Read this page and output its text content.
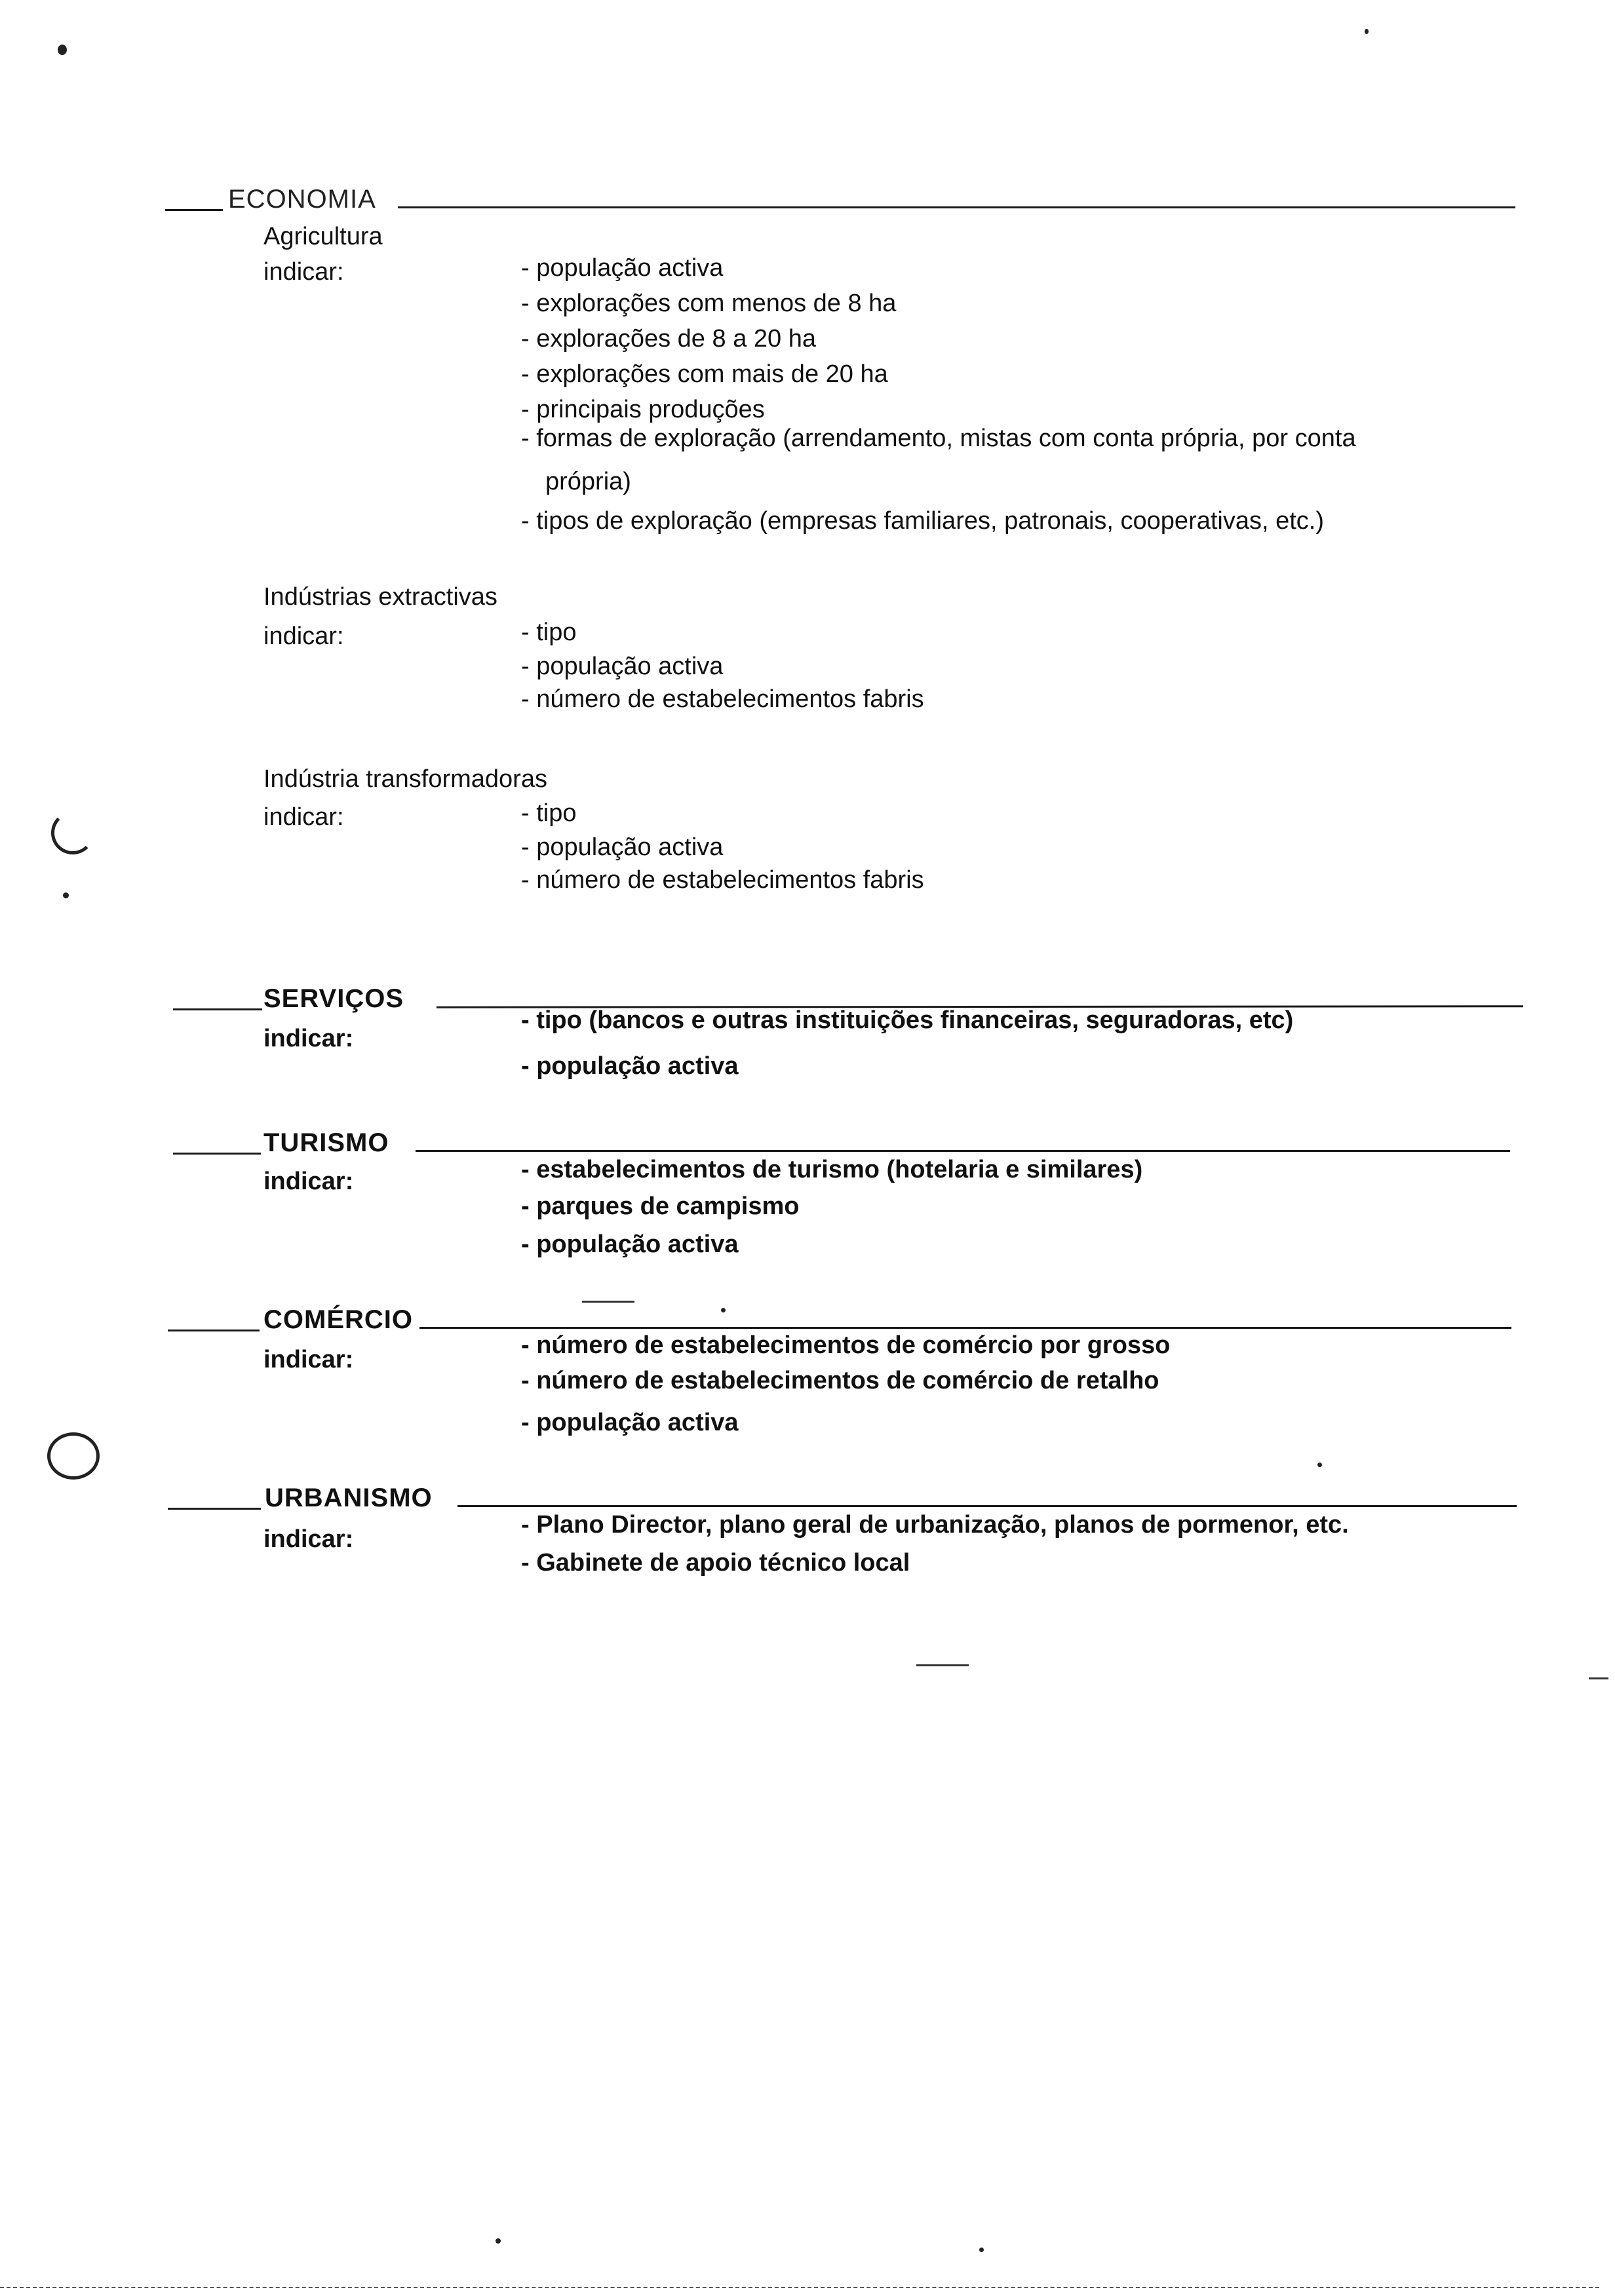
ECONOMIA
Agricultura
indicar:	- população activa
- explorações com menos de 8 ha
- explorações de 8 a 20 ha
- explorações com mais de 20 ha
- principais produções
- formas de exploração (arrendamento, mistas com conta própria, por conta
própria)
- tipos de exploração (empresas familiares, patronais, cooperativas, etc.)
Indústrias extractivas
indicar:	- tipo
- população activa
- número de estabelecimentos fabris
Indústria transformadoras
indicar:	- tipo
- população activa
- número de estabelecimentos fabris
SERVIÇOS
indicar:
- tipo (bancos e outras instituições financeiras, seguradoras, etc)
- população activa
TURISMO
indicar:	- estabelecimentos de turismo (hotelaria e similares)
- parques de campismo
- população activa
COMÉRCIO
indicar:
- número de estabelecimentos de comércio por grosso
- número de estabelecimentos de comércio de retalho
- população activa
URBANISMO
indicar:
- Plano Director, plano geral de urbanização, planos de pormenor, etc.
- Gabinete de apoio técnico local
